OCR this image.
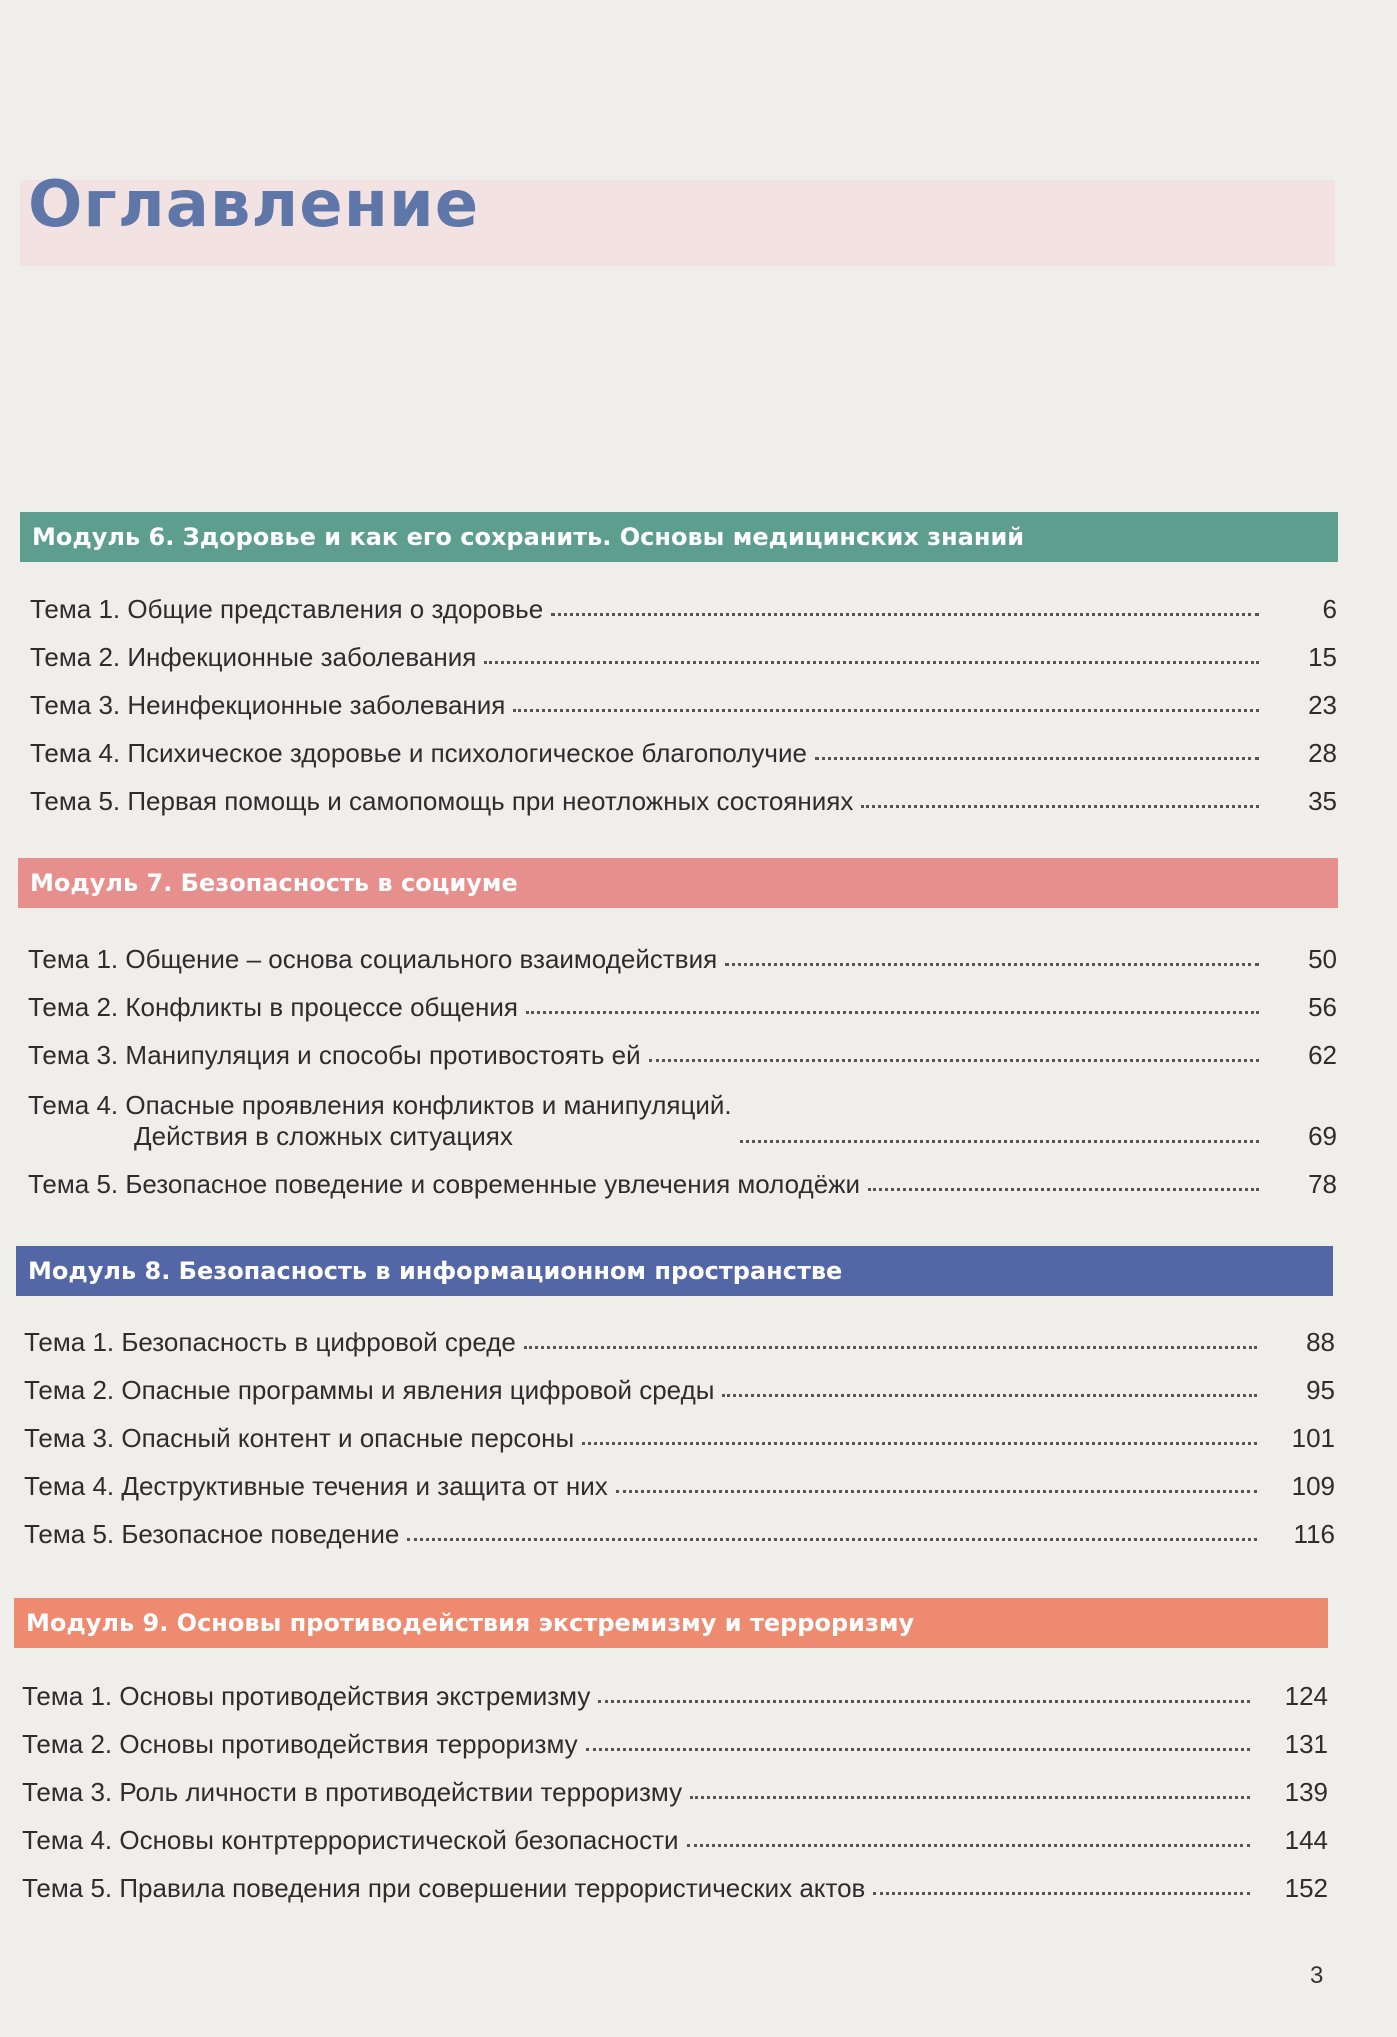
Оглавление
Модуль 6. Здоровье и как его сохранить. Основы медицинских знаний
Тема 1. Общие представления о здоровье	6
Тема 2. Инфекционные заболевания	15
Тема 3. Неинфекционные заболевания	23
Тема 4. Психическое здоровье и психологическое благополучие	28
Тема 5. Первая помощь и самопомощь при неотложных состояниях	35
Модуль 7. Безопасность в социуме
Тема 1. Общение – основа социального взаимодействия	50
Тема 2. Конфликты в процессе общения	56
Тема 3. Манипуляция и способы противостоять ей	62
Тема 4. Опасные проявления конфликтов и манипуляций.
Действия в сложных ситуациях	69
Тема 5. Безопасное поведение и современные увлечения молодёжи	78
Модуль 8. Безопасность в информационном пространстве
Тема 1. Безопасность в цифровой среде	88
Тема 2. Опасные программы и явления цифровой среды	95
Тема 3. Опасный контент и опасные персоны	101
Тема 4. Деструктивные течения и защита от них	109
Тема 5. Безопасное поведение	116
Модуль 9. Основы противодействия экстремизму и терроризму
Тема 1. Основы противодействия экстремизму	124
Тема 2. Основы противодействия терроризму	131
Тема 3. Роль личности в противодействии терроризму	139
Тема 4. Основы контртеррористической безопасности	144
Тема 5. Правила поведения при совершении террористических актов	152
3
